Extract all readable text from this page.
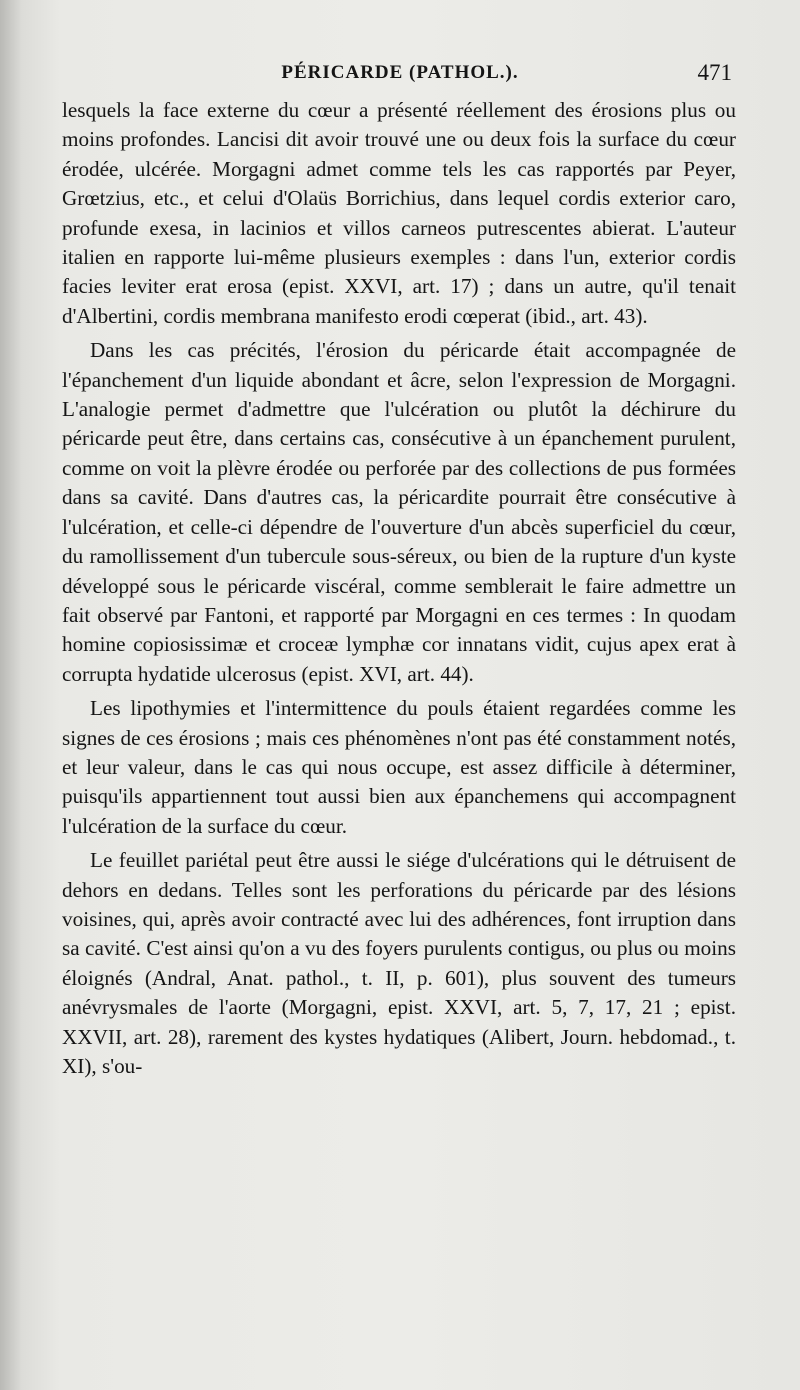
PÉRICARDE (PATHOL.).	471

lesquels la face externe du cœur a présenté réellement des érosions plus ou moins profondes. Lancisi dit avoir trouvé une ou deux fois la surface du cœur érodée, ulcérée. Morgagni admet comme tels les cas rapportés par Peyer, Grœtzius, etc., et celui d'Olaüs Borrichius, dans lequel cordis exterior caro, profunde exesa, in lacinios et villos carneos putrescentes abierat. L'auteur italien en rapporte lui-même plusieurs exemples : dans l'un, exterior cordis facies leviter erat erosa (epist. XXVI, art. 17) ; dans un autre, qu'il tenait d'Albertini, cordis membrana manifesto erodi cœperat (ibid., art. 43).

Dans les cas précités, l'érosion du péricarde était accompagnée de l'épanchement d'un liquide abondant et âcre, selon l'expression de Morgagni. L'analogie permet d'admettre que l'ulcération ou plutôt la déchirure du péricarde peut être, dans certains cas, consécutive à un épanchement purulent, comme on voit la plèvre érodée ou perforée par des collections de pus formées dans sa cavité. Dans d'autres cas, la péricardite pourrait être consécutive à l'ulcération, et celle-ci dépendre de l'ouverture d'un abcès superficiel du cœur, du ramollissement d'un tubercule sous-séreux, ou bien de la rupture d'un kyste développé sous le péricarde viscéral, comme semblerait le faire admettre un fait observé par Fantoni, et rapporté par Morgagni en ces termes : In quodam homine copiosissimæ et croceæ lymphæ cor innatans vidit, cujus apex erat à corrupta hydatide ulcerosus (epist. XVI, art. 44).

Les lipothymies et l'intermittence du pouls étaient regardées comme les signes de ces érosions ; mais ces phénomènes n'ont pas été constamment notés, et leur valeur, dans le cas qui nous occupe, est assez difficile à déterminer, puisqu'ils appartiennent tout aussi bien aux épanchemens qui accompagnent l'ulcération de la surface du cœur.

Le feuillet pariétal peut être aussi le siége d'ulcérations qui le détruisent de dehors en dedans. Telles sont les perforations du péricarde par des lésions voisines, qui, après avoir contracté avec lui des adhérences, font irruption dans sa cavité. C'est ainsi qu'on a vu des foyers purulents contigus, ou plus ou moins éloignés (Andral, Anat. pathol., t. II, p. 601), plus souvent des tumeurs anévrysmales de l'aorte (Morgagni, epist. XXVI, art. 5, 7, 17, 21 ; epist. XXVII, art. 28), rarement des kystes hydatiques (Alibert, Journ. hebdomad., t. XI), s'ou-
